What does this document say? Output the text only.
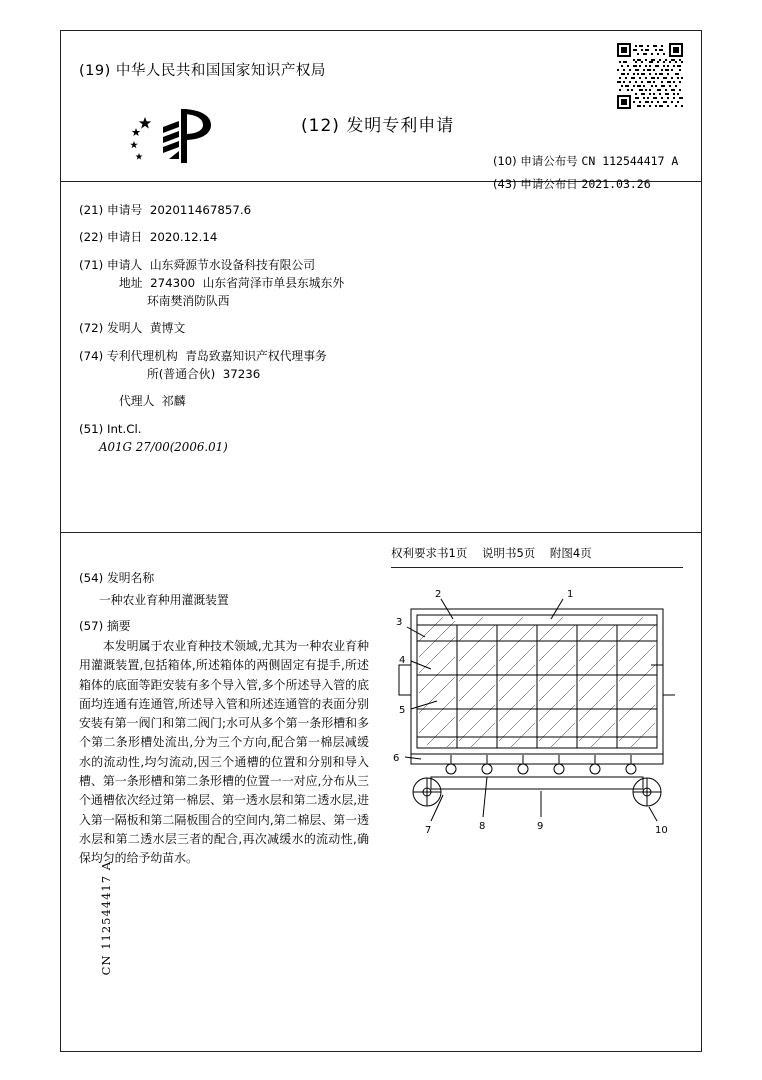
(19) 中华人民共和国国家知识产权局
(12) 发明专利申请
(10) 申请公布号 CN 112544417 A
(43) 申请公布日 2021.03.26
(21) 申请号  202011467857.6
(22) 申请日  2020.12.14
(71) 申请人  山东舜源节水设备科技有限公司
地址  274300  山东省菏泽市单县东城东外
环南樊消防队西
(72) 发明人  黄博文
(74) 专利代理机构  青岛致嘉知识产权代理事务
所(普通合伙)  37236
代理人  祁麟
(51) Int.Cl.
A01G 27/00(2006.01)
权利要求书1页 说明书5页 附图4页
(54) 发明名称
一种农业育种用灌溉装置
(57) 摘要
本发明属于农业育种技术领域,尤其为一种农业育种用灌溉装置,包括箱体,所述箱体的两侧固定有提手,所述箱体的底面等距安装有多个导入管,多个所述导入管的底面均连通有连通管,所述导入管和所述连通管的表面分别安装有第一阀门和第二阀门;水可从多个第一条形槽和多个第二条形槽处流出,分为三个方向,配合第一棉层减缓水的流动性,均匀流动,因三个通槽的位置和分别和导入槽、第一条形槽和第二条形槽的位置一一对应,分布从三个通槽依次经过第一棉层、第一透水层和第二透水层,进入第一隔板和第二隔板围合的空间内,第二棉层、第一透水层和第二透水层三者的配合,再次减缓水的流动性,确保均匀的给予幼苗水。
2	1
3
4
5
6
7	8	9	10
CN 112544417 A
